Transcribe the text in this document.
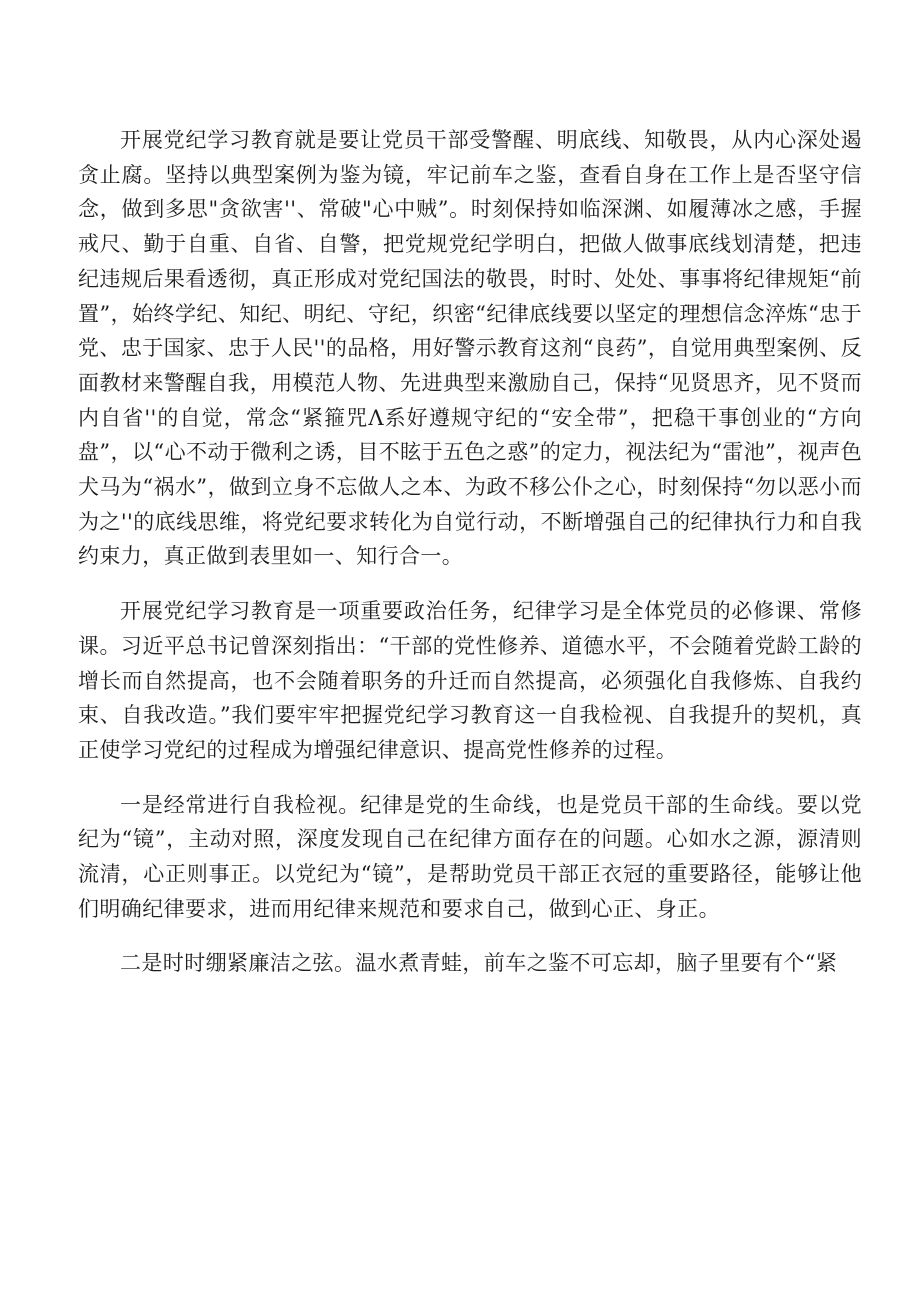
开展党纪学习教育就是要让党员干部受警醒、明底线、知敬畏，从内心深处遏贪止腐。坚持以典型案例为鉴为镜，牢记前车之鉴，查看自身在工作上是否坚守信念，做到多思"贪欲害''、常破"心中贼”。时刻保持如临深渊、如履薄冰之感，手握戒尺、勤于自重、自省、自警，把党规党纪学明白，把做人做事底线划清楚，把违纪违规后果看透彻，真正形成对党纪国法的敬畏，时时、处处、事事将纪律规矩“前置”，始终学纪、知纪、明纪、守纪，织密“纪律底线要以坚定的理想信念淬炼“忠于党、忠于国家、忠于人民''的品格，用好警示教育这剂“良药”，自觉用典型案例、反面教材来警醒自我，用模范人物、先进典型来激励自己，保持“见贤思齐，见不贤而内自省''的自觉，常念“紧箍咒Λ系好遵规守纪的“安全带”，把稳干事创业的“方向盘”，以“心不动于微利之诱，目不眩于五色之惑”的定力，视法纪为“雷池”，视声色犬马为“祸水”，做到立身不忘做人之本、为政不移公仆之心，时刻保持“勿以恶小而为之''的底线思维，将党纪要求转化为自觉行动，不断增强自己的纪律执行力和自我约束力，真正做到表里如一、知行合一。

开展党纪学习教育是一项重要政治任务，纪律学习是全体党员的必修课、常修课。习近平总书记曾深刻指出：“干部的党性修养、道德水平，不会随着党龄工龄的增长而自然提高，也不会随着职务的升迁而自然提高，必须强化自我修炼、自我约束、自我改造。”我们要牢牢把握党纪学习教育这一自我检视、自我提升的契机，真正使学习党纪的过程成为增强纪律意识、提高党性修养的过程。

一是经常进行自我检视。纪律是党的生命线，也是党员干部的生命线。要以党纪为“镜”，主动对照，深度发现自己在纪律方面存在的问题。心如水之源，源清则流清，心正则事正。以党纪为“镜”，是帮助党员干部正衣冠的重要路径，能够让他们明确纪律要求，进而用纪律来规范和要求自己，做到心正、身正。

二是时时绷紧廉洁之弦。温水煮青蛙，前车之鉴不可忘却，脑子里要有个“紧
